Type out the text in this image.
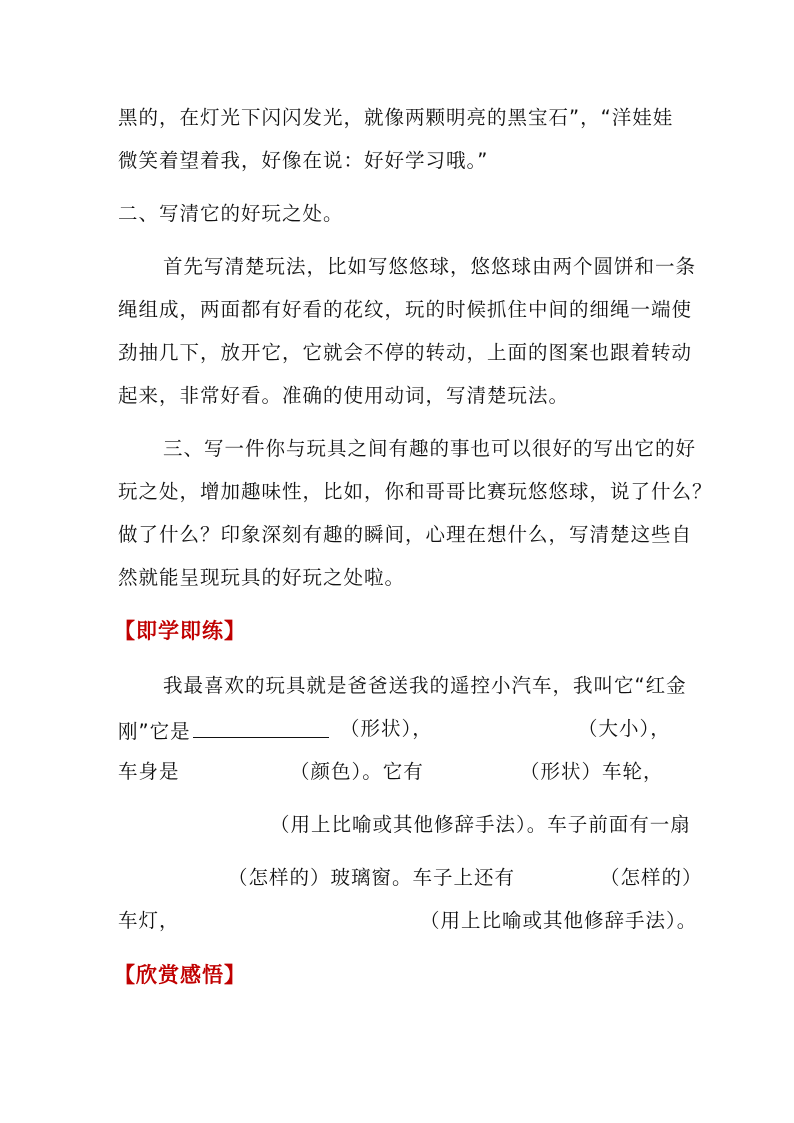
黑的，在灯光下闪闪发光，就像两颗明亮的黑宝石”，“洋娃娃
微笑着望着我，好像在说：好好学习哦。”
二、写清它的好玩之处。
首先写清楚玩法，比如写悠悠球，悠悠球由两个圆饼和一条
绳组成，两面都有好看的花纹，玩的时候抓住中间的细绳一端使
劲抽几下，放开它，它就会不停的转动，上面的图案也跟着转动
起来，非常好看。准确的使用动词，写清楚玩法。
三、写一件你与玩具之间有趣的事也可以很好的写出它的好
玩之处，增加趣味性，比如，你和哥哥比赛玩悠悠球，说了什么？
做了什么？印象深刻有趣的瞬间，心理在想什么，写清楚这些自
然就能呈现玩具的好玩之处啦。
【即学即练】
我最喜欢的玩具就是爸爸送我的遥控小汽车，我叫它“红金
刚”它是	（形状），	（大小），
车身是	（颜色）。它有	（形状）车轮，
（用上比喻或其他修辞手法）。车子前面有一扇
（怎样的）玻璃窗。车子上还有	（怎样的）
车灯，	（用上比喻或其他修辞手法）。
【欣赏感悟】
